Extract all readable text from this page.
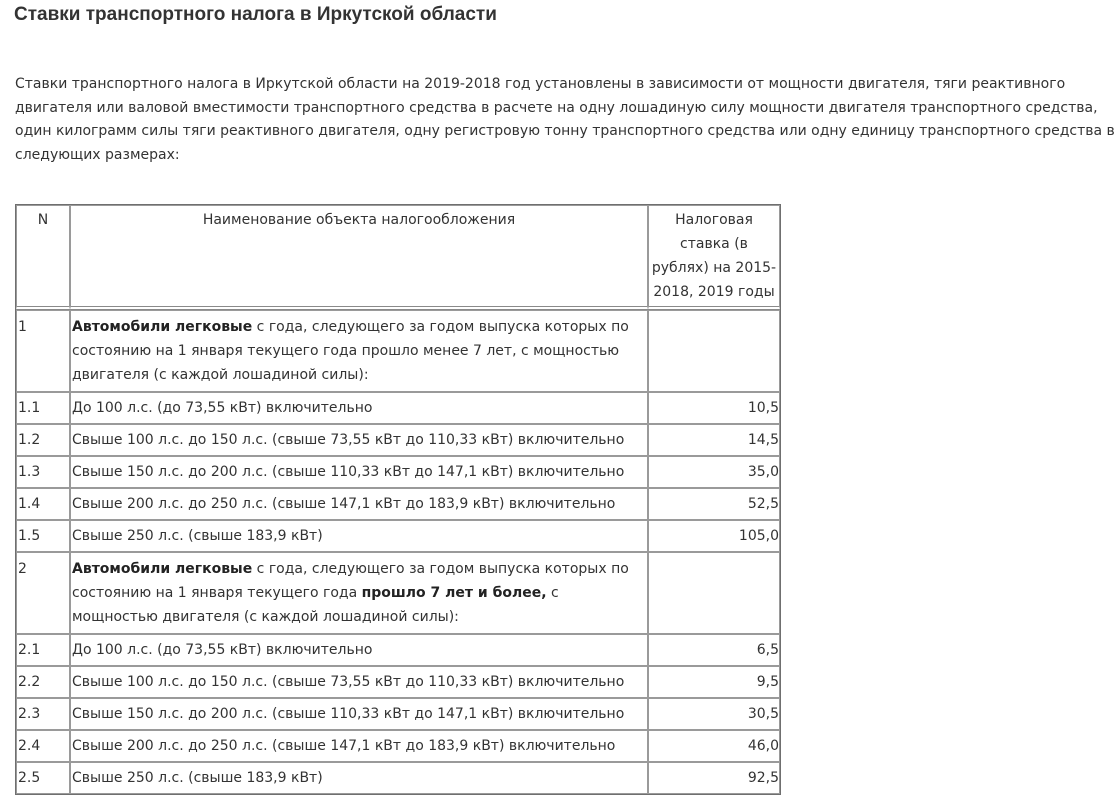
Ставки транспортного налога в Иркутской области

Ставки транспортного налога в Иркутской области на 2019-2018 год установлены в зависимости от мощности двигателя, тяги реактивного двигателя или валовой вместимости транспортного средства в расчете на одну лошадиную силу мощности двигателя транспортного средства, один килограмм силы тяги реактивного двигателя, одну регистровую тонну транспортного средства или одну единицу транспортного средства в следующих размерах:

N	Наименование объекта налогообложения	Налоговая ставка (в рублях) на 2015-2018, 2019 годы
1	Автомобили легковые с года, следующего за годом выпуска которых по состоянию на 1 января текущего года прошло менее 7 лет, с мощностью двигателя (с каждой лошадиной силы):	
1.1	До 100 л.с. (до 73,55 кВт) включительно	10,5
1.2	Свыше 100 л.с. до 150 л.с. (свыше 73,55 кВт до 110,33 кВт) включительно	14,5
1.3	Свыше 150 л.с. до 200 л.с. (свыше 110,33 кВт до 147,1 кВт) включительно	35,0
1.4	Свыше 200 л.с. до 250 л.с. (свыше 147,1 кВт до 183,9 кВт) включительно	52,5
1.5	Свыше 250 л.с. (свыше 183,9 кВт)	105,0
2	Автомобили легковые с года, следующего за годом выпуска которых по состоянию на 1 января текущего года прошло 7 лет и более, с мощностью двигателя (с каждой лошадиной силы):	
2.1	До 100 л.с. (до 73,55 кВт) включительно	6,5
2.2	Свыше 100 л.с. до 150 л.с. (свыше 73,55 кВт до 110,33 кВт) включительно	9,5
2.3	Свыше 150 л.с. до 200 л.с. (свыше 110,33 кВт до 147,1 кВт) включительно	30,5
2.4	Свыше 200 л.с. до 250 л.с. (свыше 147,1 кВт до 183,9 кВт) включительно	46,0
2.5	Свыше 250 л.с. (свыше 183,9 кВт)	92,5
